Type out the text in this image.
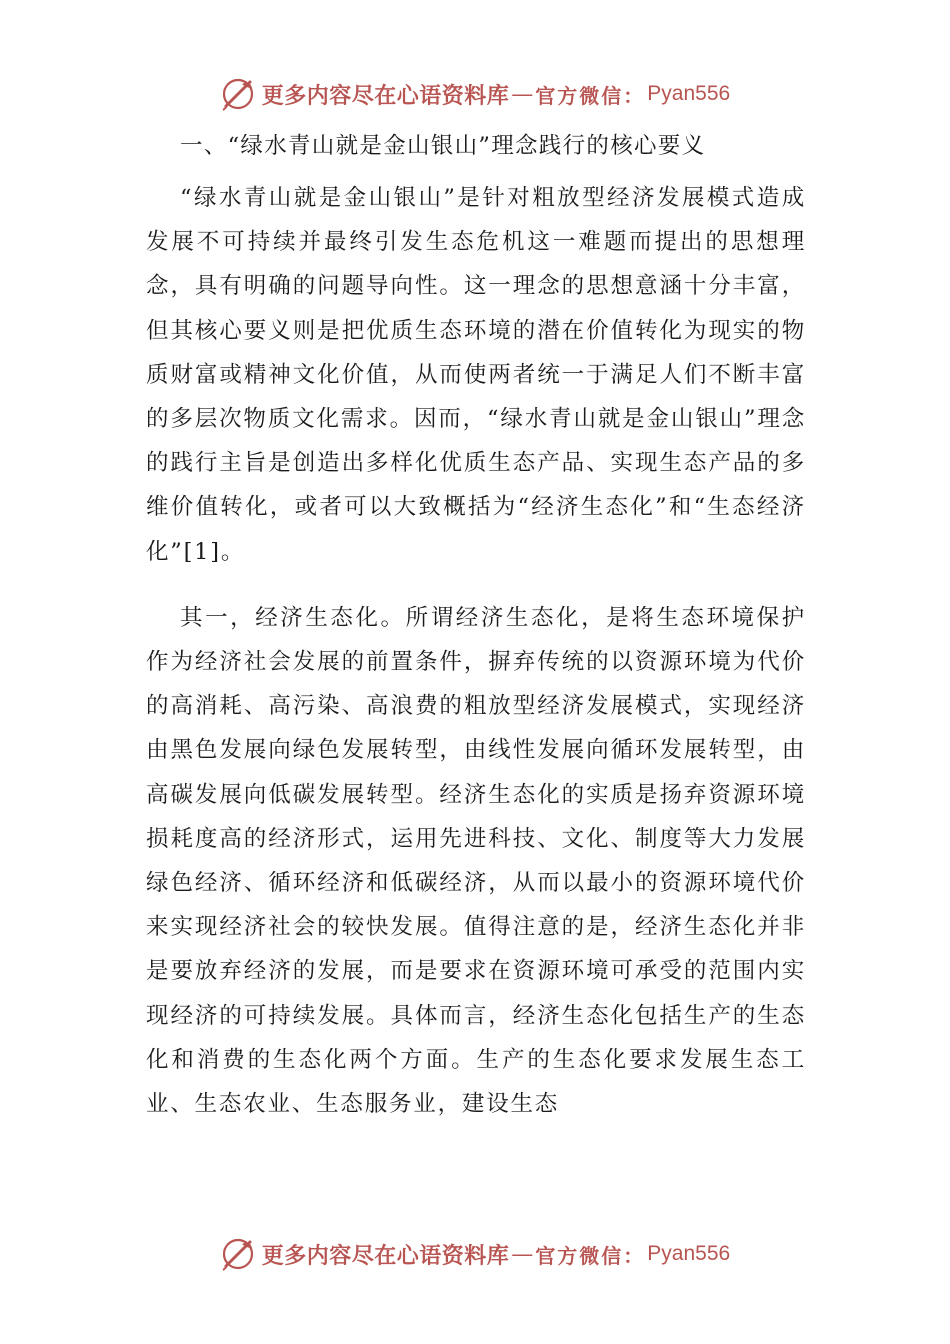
更多内容尽在心语资料库 — 官方微信： Pyan556
一、“绿水青山就是金山银山”理念践行的核心要义

“绿水青山就是金山银山”是针对粗放型经济发展模式造成发展不可持续并最终引发生态危机这一难题而提出的思想理念，具有明确的问题导向性。这一理念的思想意涵十分丰富，但其核心要义则是把优质生态环境的潜在价值转化为现实的物质财富或精神文化价值，从而使两者统一于满足人们不断丰富的多层次物质文化需求。因而，“绿水青山就是金山银山”理念的践行主旨是创造出多样化优质生态产品、实现生态产品的多维价值转化，或者可以大致概括为“经济生态化”和“生态经济化”[1]。

其一，经济生态化。所谓经济生态化，是将生态环境保护作为经济社会发展的前置条件，摒弃传统的以资源环境为代价的高消耗、高污染、高浪费的粗放型经济发展模式，实现经济由黑色发展向绿色发展转型，由线性发展向循环发展转型，由高碳发展向低碳发展转型。经济生态化的实质是扬弃资源环境损耗度高的经济形式，运用先进科技、文化、制度等大力发展绿色经济、循环经济和低碳经济，从而以最小的资源环境代价来实现经济社会的较快发展。值得注意的是，经济生态化并非是要放弃经济的发展，而是要求在资源环境可承受的范围内实现经济的可持续发展。具体而言，经济生态化包括生产的生态化和消费的生态化两个方面。生产的生态化要求发展生态工业、生态农业、生态服务业，建设生态

更多内容尽在心语资料库 — 官方微信： Pyan556
